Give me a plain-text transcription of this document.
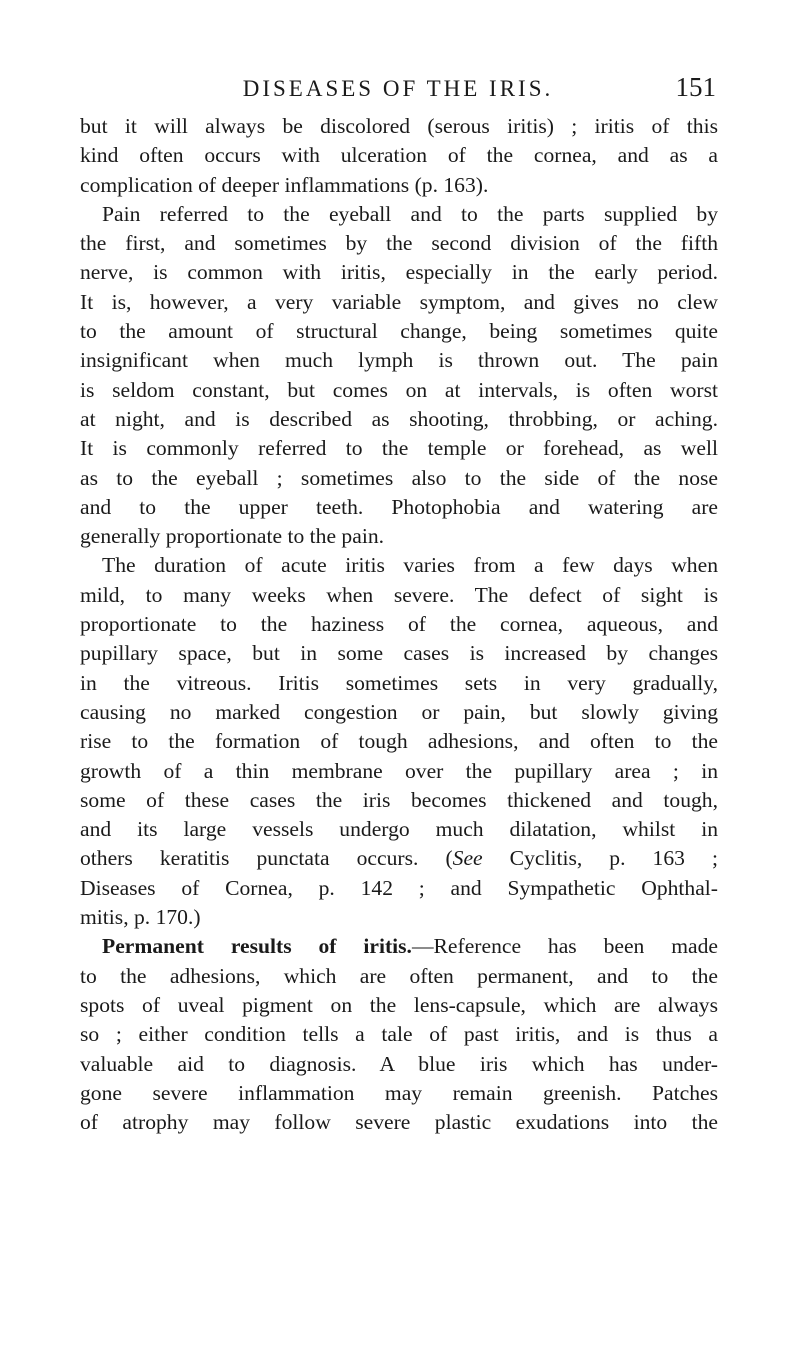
DISEASES OF THE IRIS.	151
but it will always be discolored (serous iritis) ; iritis of this
kind often occurs with ulceration of the cornea, and as a
complication of deeper inflammations (p. 163).
Pain referred to the eyeball and to the parts supplied by
the first, and sometimes by the second division of the fifth
nerve, is common with iritis, especially in the early period.
It is, however, a very variable symptom, and gives no clew
to the amount of structural change, being sometimes quite
insignificant when much lymph is thrown out. The pain
is seldom constant, but comes on at intervals, is often worst
at night, and is described as shooting, throbbing, or aching.
It is commonly referred to the temple or forehead, as well
as to the eyeball ; sometimes also to the side of the nose
and to the upper teeth. Photophobia and watering are
generally proportionate to the pain.
The duration of acute iritis varies from a few days when
mild, to many weeks when severe. The defect of sight is
proportionate to the haziness of the cornea, aqueous, and
pupillary space, but in some cases is increased by changes
in the vitreous. Iritis sometimes sets in very gradually,
causing no marked congestion or pain, but slowly giving
rise to the formation of tough adhesions, and often to the
growth of a thin membrane over the pupillary area ; in
some of these cases the iris becomes thickened and tough,
and its large vessels undergo much dilatation, whilst in
others keratitis punctata occurs. (See Cyclitis, p. 163 ;
Diseases of Cornea, p. 142 ; and Sympathetic Ophthal-
mitis, p. 170.)
Permanent results of iritis.—Reference has been made
to the adhesions, which are often permanent, and to the
spots of uveal pigment on the lens-capsule, which are always
so ; either condition tells a tale of past iritis, and is thus a
valuable aid to diagnosis. A blue iris which has under-
gone severe inflammation may remain greenish. Patches
of atrophy may follow severe plastic exudations into the
